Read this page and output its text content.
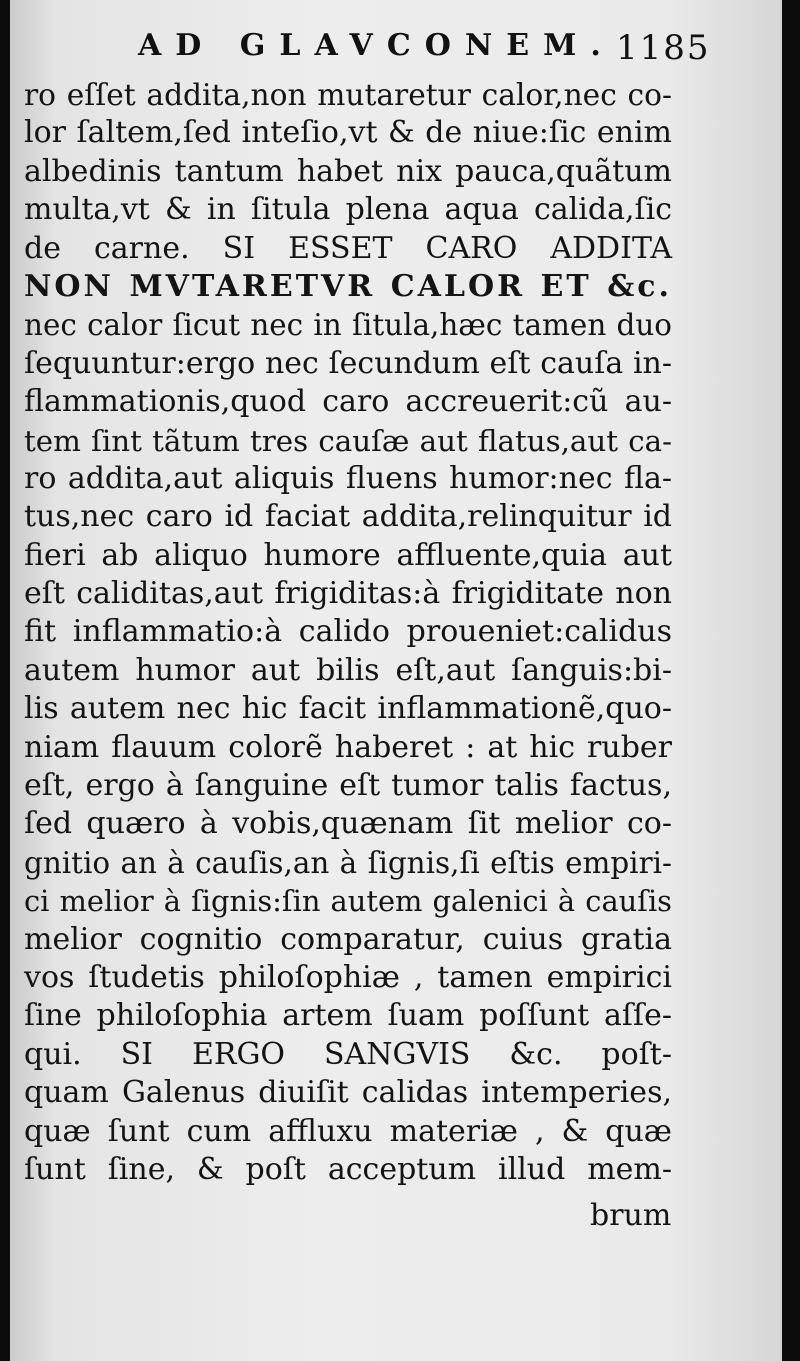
AD GLAVCONEM. 1185
ro eſſet addita,non mutaretur calor,nec co-
lor ſaltem,ſed inteſio,vt & de niue:ſic enim
albedinis tantum habet nix pauca,quãtum
multa,vt & in ſitula plena aqua calida,ſic
de carne. SI ESSET CARO ADDITA
NON MVTARETVR CALOR ET &c.
nec calor ſicut nec in ſitula,hæc tamen duo
ſequuntur:ergo nec ſecundum eſt cauſa in-
flammationis,quod caro accreuerit:cũ au-
tem ſint tãtum tres cauſæ aut flatus,aut ca-
ro addita,aut aliquis fluens humor:nec fla-
tus,nec caro id faciat addita,relinquitur id
fieri ab aliquo humore affluente,quia aut
eſt caliditas,aut frigiditas:à frigiditate non
fit inflammatio:à calido proueniet:calidus
autem humor aut bilis eſt,aut ſanguis:bi-
lis autem nec hic facit inflammationẽ,quo-
niam flauum colorẽ haberet : at hic ruber
eſt, ergo à ſanguine eſt tumor talis factus,
ſed quæro à vobis,quænam ſit melior co-
gnitio an à cauſis,an à ſignis,ſi eſtis empiri-
ci melior à ſignis:ſin autem galenici à cauſis
melior cognitio comparatur, cuius gratia
vos ſtudetis philoſophiæ , tamen empirici
ſine philoſophia artem ſuam poſſunt aſſe-
qui. SI ERGO SANGVIS &c. poſt-
quam Galenus diuiſit calidas intemperies,
quæ ſunt cum affluxu materiæ , & quæ
ſunt ſine, & poſt acceptum illud mem-
brum
